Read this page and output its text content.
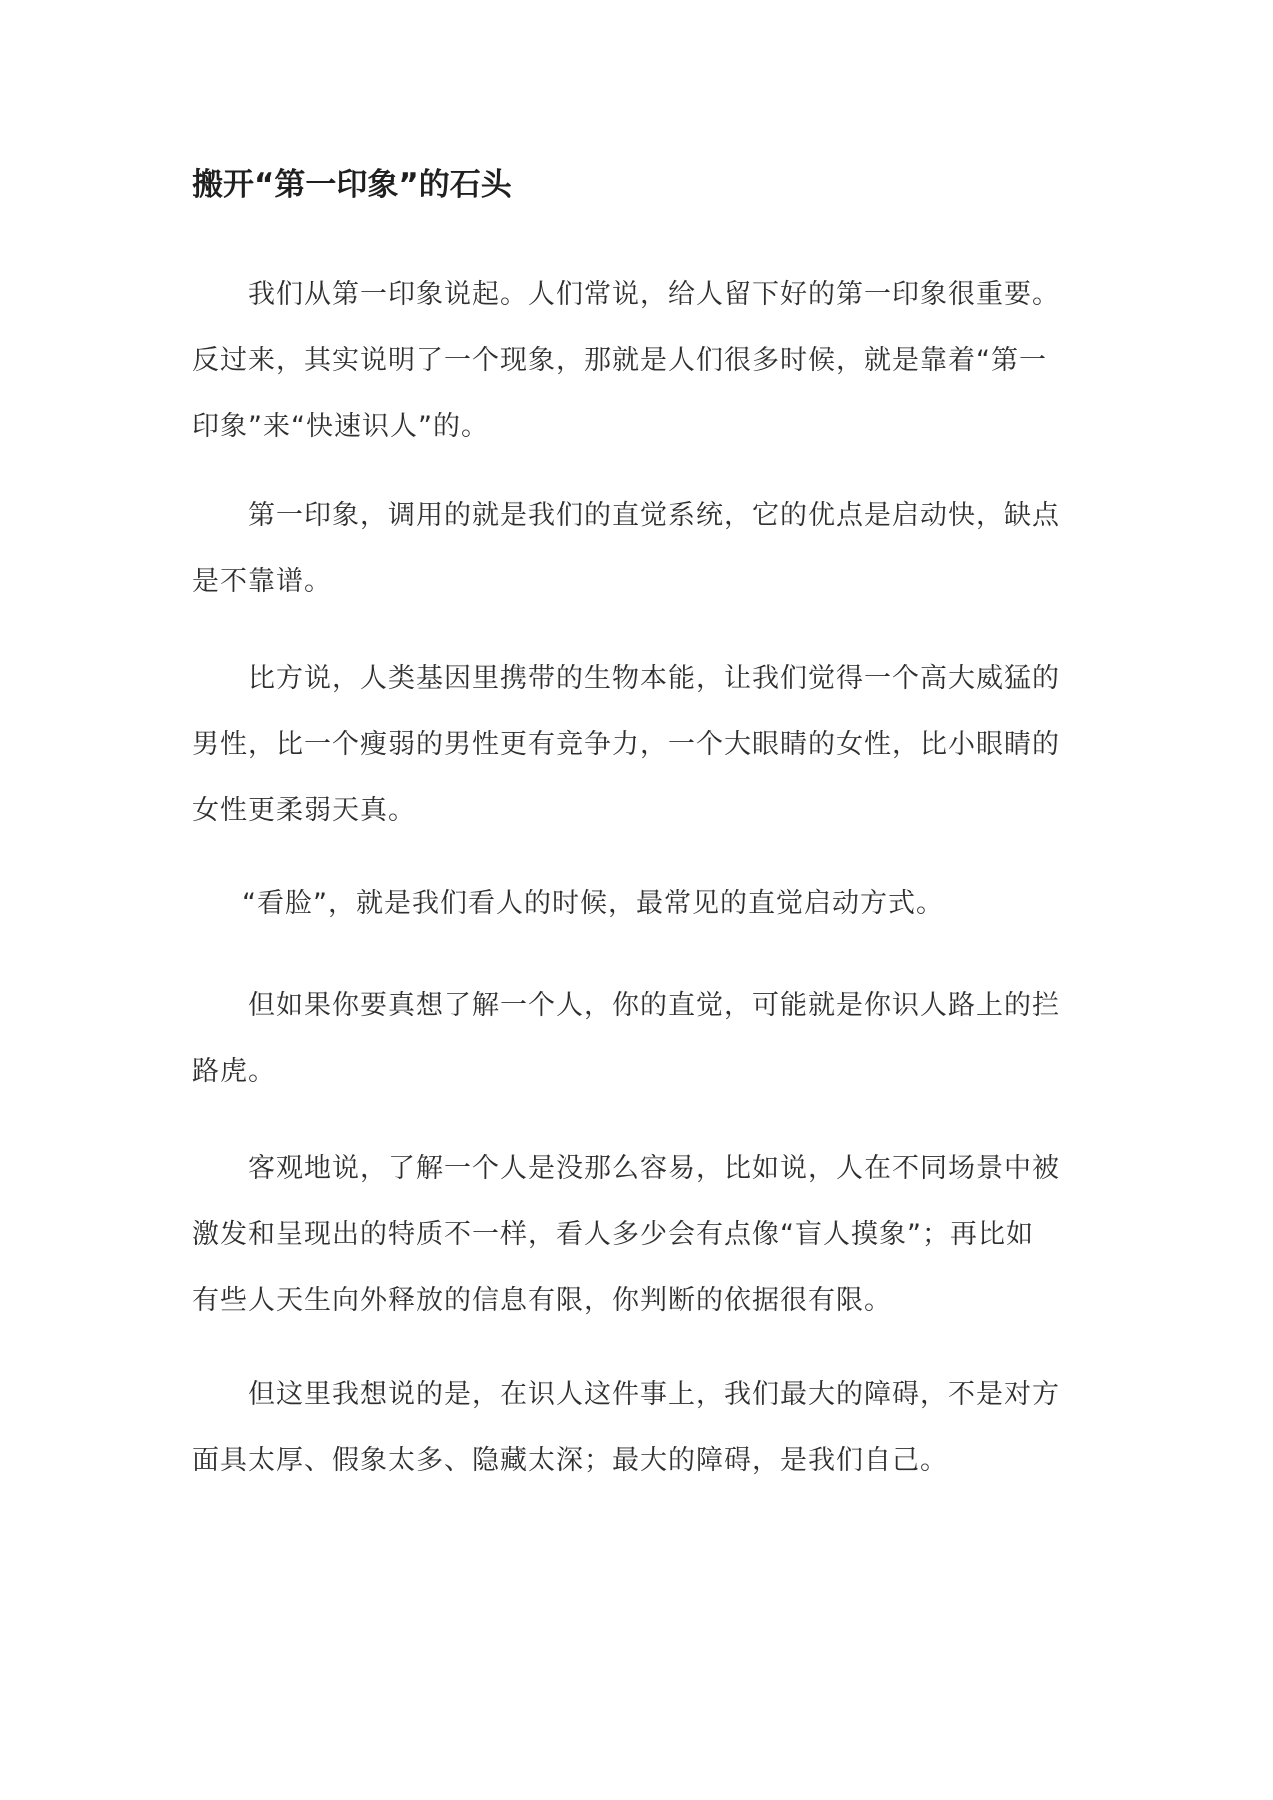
搬开“第一印象”的石头

我们从第一印象说起。人们常说，给人留下好的第一印象很重要。
反过来，其实说明了一个现象，那就是人们很多时候，就是靠着“第一
印象”来“快速识人”的。

第一印象，调用的就是我们的直觉系统，它的优点是启动快，缺点
是不靠谱。

比方说，人类基因里携带的生物本能，让我们觉得一个高大威猛的
男性，比一个瘦弱的男性更有竞争力，一个大眼睛的女性，比小眼睛的
女性更柔弱天真。

“看脸”，就是我们看人的时候，最常见的直觉启动方式。

但如果你要真想了解一个人，你的直觉，可能就是你识人路上的拦
路虎。

客观地说，了解一个人是没那么容易，比如说，人在不同场景中被
激发和呈现出的特质不一样，看人多少会有点像“盲人摸象”；再比如
有些人天生向外释放的信息有限，你判断的依据很有限。

但这里我想说的是，在识人这件事上，我们最大的障碍，不是对方
面具太厚、假象太多、隐藏太深；最大的障碍，是我们自己。
